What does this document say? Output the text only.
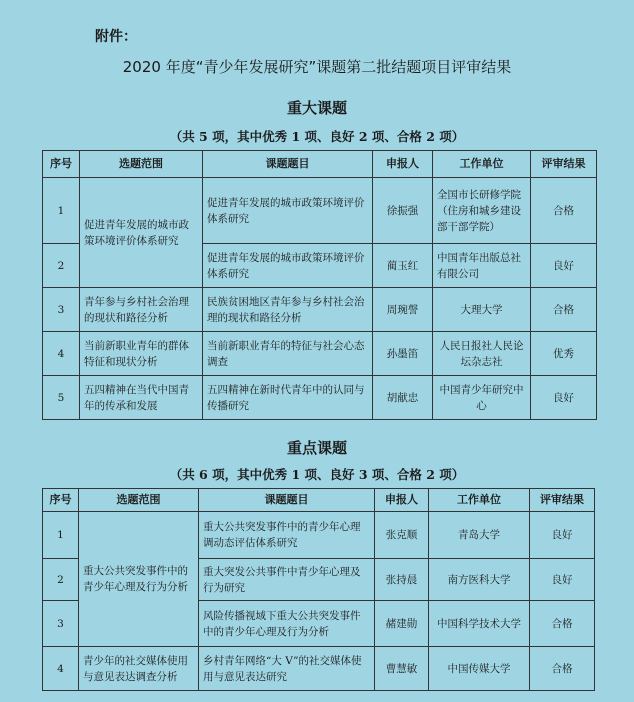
附件：
2020 年度“青少年发展研究”课题第二批结题项目评审结果
重大课题
（共 5 项，其中优秀 1 项、良好 2 项、合格 2 项）
序号	选题范围	课题题目	申报人	工作单位	评审结果
1	促进青年发展的城市政策环境评价体系研究	促进青年发展的城市政策环境评价体系研究	徐振强	全国市长研修学院（住房和城乡建设部干部学院）	合格
2		促进青年发展的城市政策环境评价体系研究	蔺玉红	中国青年出版总社有限公司	良好
3	青年参与乡村社会治理的现状和路径分析	民族贫困地区青年参与乡村社会治理的现状和路径分析	周琬謦	大理大学	合格
4	当前新职业青年的群体特征和现状分析	当前新职业青年的特征与社会心态调查	孙墨笛	人民日报社人民论坛杂志社	优秀
5	五四精神在当代中国青年的传承和发展	五四精神在新时代青年中的认同与传播研究	胡献忠	中国青少年研究中心	良好
重点课题
（共 6 项，其中优秀 1 项、良好 3 项、合格 2 项）
序号	选题范围	课题题目	申报人	工作单位	评审结果
1	重大公共突发事件中的青少年心理及行为分析	重大公共突发事件中的青少年心理调动态评估体系研究	张克顺	青岛大学	良好
2		重大突发公共事件中青少年心理及行为研究	张持晨	南方医科大学	良好
3		风险传播视域下重大公共突发事件中的青少年心理及行为分析	赭建勋	中国科学技术大学	合格
4	青少年的社交媒体使用与意见表达调查分析	乡村青年网络“大 V”的社交媒体使用与意见表达研究	曹慧敏	中国传媒大学	合格
